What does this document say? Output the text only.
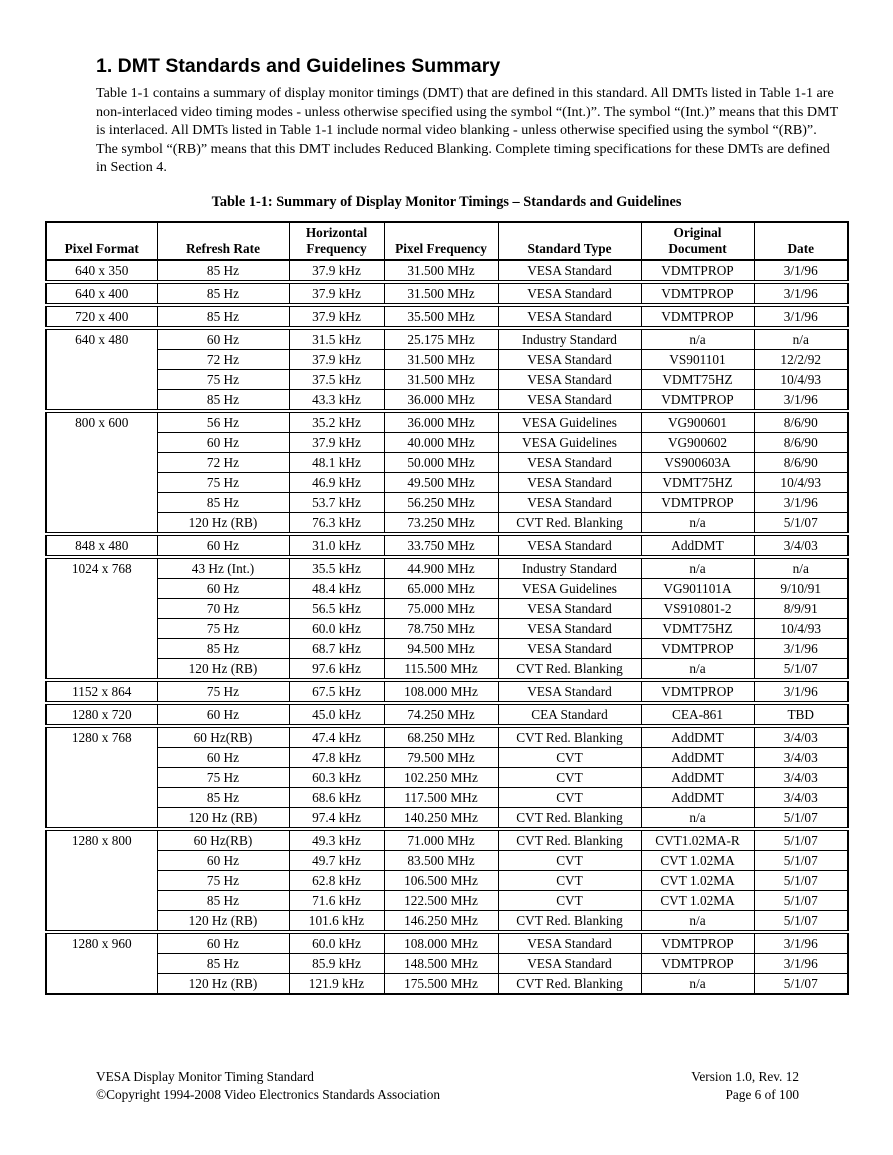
1. DMT Standards and Guidelines Summary

Table 1-1 contains a summary of display monitor timings (DMT) that are defined in this standard. All DMTs listed in Table 1-1 are non-interlaced video timing modes - unless otherwise specified using the symbol “(Int.)”. The symbol “(Int.)” means that this DMT is interlaced. All DMTs listed in Table 1-1 include normal video blanking - unless otherwise specified using the symbol “(RB)”. The symbol “(RB)” means that this DMT includes Reduced Blanking. Complete timing specifications for these DMTs are defined in Section 4.

Table 1-1: Summary of Display Monitor Timings – Standards and Guidelines

Pixel Format	Refresh Rate	Horizontal Frequency	Pixel Frequency	Standard Type	Original Document	Date
640 x 350	85 Hz	37.9 kHz	31.500 MHz	VESA Standard	VDMTPROP	3/1/96
640 x 400	85 Hz	37.9 kHz	31.500 MHz	VESA Standard	VDMTPROP	3/1/96
720 x 400	85 Hz	37.9 kHz	35.500 MHz	VESA Standard	VDMTPROP	3/1/96
640 x 480	60 Hz	31.5 kHz	25.175 MHz	Industry Standard	n/a	n/a
	72 Hz	37.9 kHz	31.500 MHz	VESA Standard	VS901101	12/2/92
	75 Hz	37.5 kHz	31.500 MHz	VESA Standard	VDMT75HZ	10/4/93
	85 Hz	43.3 kHz	36.000 MHz	VESA Standard	VDMTPROP	3/1/96
800 x 600	56 Hz	35.2 kHz	36.000 MHz	VESA Guidelines	VG900601	8/6/90
	60 Hz	37.9 kHz	40.000 MHz	VESA Guidelines	VG900602	8/6/90
	72 Hz	48.1 kHz	50.000 MHz	VESA Standard	VS900603A	8/6/90
	75 Hz	46.9 kHz	49.500 MHz	VESA Standard	VDMT75HZ	10/4/93
	85 Hz	53.7 kHz	56.250 MHz	VESA Standard	VDMTPROP	3/1/96
	120 Hz (RB)	76.3 kHz	73.250 MHz	CVT Red. Blanking	n/a	5/1/07
848 x 480	60 Hz	31.0 kHz	33.750 MHz	VESA Standard	AddDMT	3/4/03
1024 x 768	43 Hz (Int.)	35.5 kHz	44.900 MHz	Industry Standard	n/a	n/a
	60 Hz	48.4 kHz	65.000 MHz	VESA Guidelines	VG901101A	9/10/91
	70 Hz	56.5 kHz	75.000 MHz	VESA Standard	VS910801-2	8/9/91
	75 Hz	60.0 kHz	78.750 MHz	VESA Standard	VDMT75HZ	10/4/93
	85 Hz	68.7 kHz	94.500 MHz	VESA Standard	VDMTPROP	3/1/96
	120 Hz (RB)	97.6 kHz	115.500 MHz	CVT Red. Blanking	n/a	5/1/07
1152 x 864	75 Hz	67.5 kHz	108.000 MHz	VESA Standard	VDMTPROP	3/1/96
1280 x 720	60 Hz	45.0 kHz	74.250 MHz	CEA Standard	CEA-861	TBD
1280 x 768	60 Hz(RB)	47.4 kHz	68.250 MHz	CVT Red. Blanking	AddDMT	3/4/03
	60 Hz	47.8 kHz	79.500 MHz	CVT	AddDMT	3/4/03
	75 Hz	60.3 kHz	102.250 MHz	CVT	AddDMT	3/4/03
	85 Hz	68.6 kHz	117.500 MHz	CVT	AddDMT	3/4/03
	120 Hz (RB)	97.4 kHz	140.250 MHz	CVT Red. Blanking	n/a	5/1/07
1280 x 800	60 Hz(RB)	49.3 kHz	71.000 MHz	CVT Red. Blanking	CVT1.02MA-R	5/1/07
	60 Hz	49.7 kHz	83.500 MHz	CVT	CVT 1.02MA	5/1/07
	75 Hz	62.8 kHz	106.500 MHz	CVT	CVT 1.02MA	5/1/07
	85 Hz	71.6 kHz	122.500 MHz	CVT	CVT 1.02MA	5/1/07
	120 Hz (RB)	101.6 kHz	146.250 MHz	CVT Red. Blanking	n/a	5/1/07
1280 x 960	60 Hz	60.0 kHz	108.000 MHz	VESA Standard	VDMTPROP	3/1/96
	85 Hz	85.9 kHz	148.500 MHz	VESA Standard	VDMTPROP	3/1/96
	120 Hz (RB)	121.9 kHz	175.500 MHz	CVT Red. Blanking	n/a	5/1/07
VESA Display Monitor Timing Standard
©Copyright 1994-2008 Video Electronics Standards Association
Version 1.0, Rev. 12
Page 6 of 100
